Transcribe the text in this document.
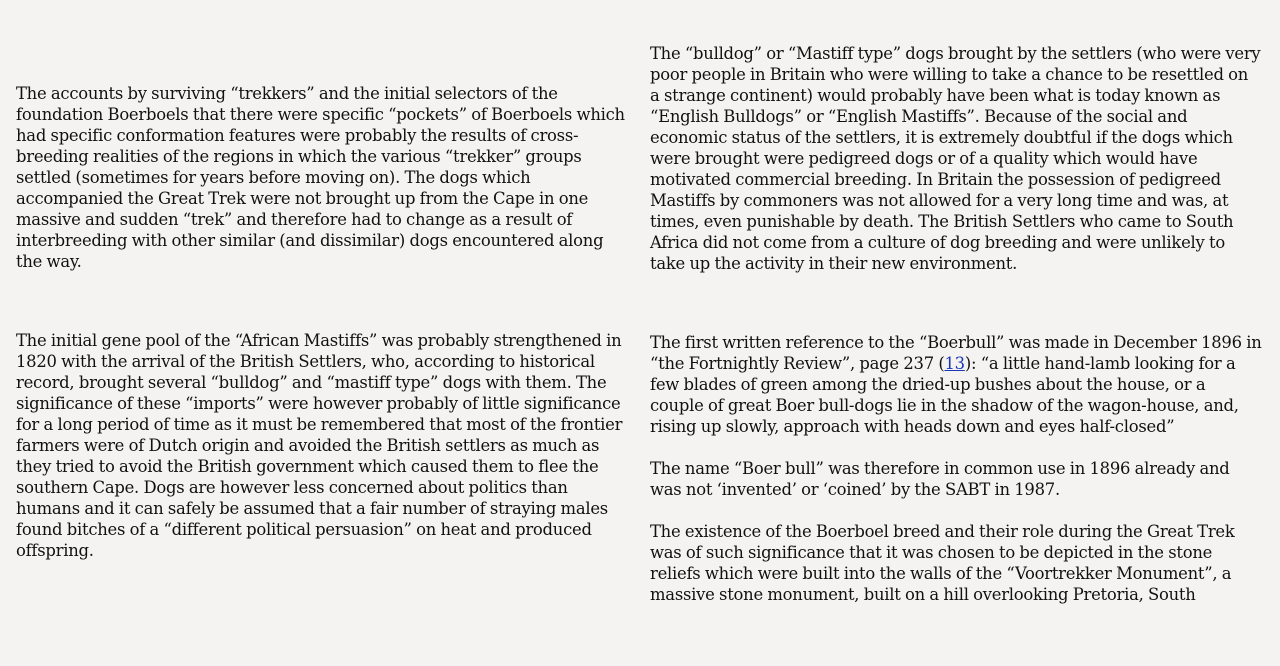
The accounts by surviving “trekkers” and the initial selectors of the foundation Boerboels that there were specific “pockets” of Boerboels which had specific conformation features were probably the results of cross-breeding realities of the regions in which the various “trekker” groups settled (sometimes for years before moving on). The dogs which accompanied the Great Trek were not brought up from the Cape in one massive and sudden “trek” and therefore had to change as a result of interbreeding with other similar (and dissimilar) dogs encountered along the way.

The initial gene pool of the “African Mastiffs” was probably strengthened in 1820 with the arrival of the British Settlers, who, according to historical record, brought several “bulldog” and “mastiff type” dogs with them. The significance of these “imports” were however probably of little significance for a long period of time as it must be remembered that most of the frontier farmers were of Dutch origin and avoided the British settlers as much as they tried to avoid the British government which caused them to flee the southern Cape. Dogs are however less concerned about politics than humans and it can safely be assumed that a fair number of straying males found bitches of a “different political persuasion” on heat and produced offspring.

The “bulldog” or “Mastiff type” dogs brought by the settlers (who were very poor people in Britain who were willing to take a chance to be resettled on a strange continent) would probably have been what is today known as “English Bulldogs” or “English Mastiffs”. Because of the social and economic status of the settlers, it is extremely doubtful if the dogs which were brought were pedigreed dogs or of a quality which would have motivated commercial breeding. In Britain the possession of pedigreed Mastiffs by commoners was not allowed for a very long time and was, at times, even punishable by death. The British Settlers who came to South Africa did not come from a culture of dog breeding and were unlikely to take up the activity in their new environment.

The first written reference to the “Boerbull” was made in December 1896 in “the Fortnightly Review”, page 237 (13): “a little hand-lamb looking for a few blades of green among the dried-up bushes about the house, or a couple of great Boer bull-dogs lie in the shadow of the wagon-house, and, rising up slowly, approach with heads down and eyes half-closed”

The name “Boer bull” was therefore in common use in 1896 already and was not ‘invented’ or ‘coined’ by the SABT in 1987.

The existence of the Boerboel breed and their role during the Great Trek was of such significance that it was chosen to be depicted in the stone reliefs which were built into the walls of the “Voortrekker Monument”, a massive stone monument, built on a hill overlooking Pretoria, South
